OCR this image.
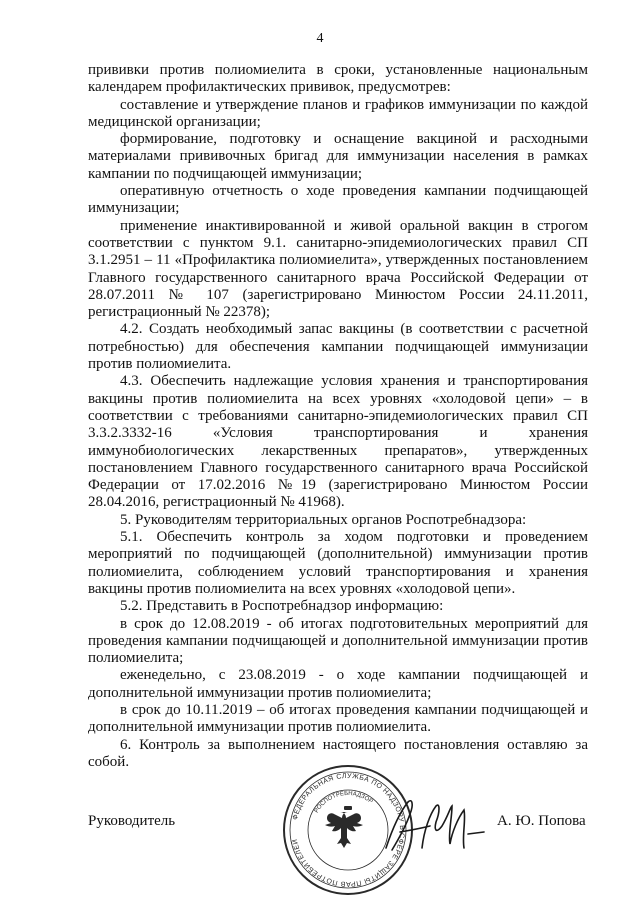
4

прививки против полиомиелита в сроки, установленные национальным календарем профилактических прививок, предусмотрев:

составление и утверждение планов и графиков иммунизации по каждой медицинской организации;

формирование, подготовку и оснащение вакциной и расходными материалами прививочных бригад для иммунизации населения в рамках кампании по подчищающей иммунизации;

оперативную отчетность о ходе проведения кампании подчищающей иммунизации;

применение инактивированной и живой оральной вакцин в строгом соответствии с пунктом 9.1. санитарно-эпидемиологических правил СП 3.1.2951 – 11 «Профилактика полиомиелита», утвержденных постановлением Главного государственного санитарного врача Российской Федерации от 28.07.2011 № 107 (зарегистрировано Минюстом России 24.11.2011, регистрационный № 22378);

4.2. Создать необходимый запас вакцины (в соответствии с расчетной потребностью) для обеспечения кампании подчищающей иммунизации против полиомиелита.

4.3. Обеспечить надлежащие условия хранения и транспортирования вакцины против полиомиелита на всех уровнях «холодовой цепи» – в соответствии с требованиями санитарно-эпидемиологических правил СП 3.3.2.3332-16 «Условия транспортирования и хранения иммунобиологических лекарственных препаратов», утвержденных постановлением Главного государственного санитарного врача Российской Федерации от 17.02.2016 №19 (зарегистрировано Минюстом России 28.04.2016, регистрационный № 41968).

5. Руководителям территориальных органов Роспотребнадзора:

5.1. Обеспечить контроль за ходом подготовки и проведением мероприятий по подчищающей (дополнительной) иммунизации против полиомиелита, соблюдением условий транспортирования и хранения вакцины против полиомиелита на всех уровнях «холодовой цепи».

5.2. Представить в Роспотребнадзор информацию:

в срок до 12.08.2019 - об итогах подготовительных мероприятий для проведения кампании подчищающей и дополнительной иммунизации против полиомиелита;

еженедельно, с 23.08.2019 - о ходе кампании подчищающей и дополнительной иммунизации против полиомиелита;

в срок до 10.11.2019 – об итогах проведения кампании подчищающей и дополнительной иммунизации против полиомиелита.

6. Контроль за выполнением настоящего постановления оставляю за собой.

ФЕДЕРАЛЬНАЯ СЛУЖБА ПО НАДЗОРУ В СФЕРЕ ЗАЩИТЫ ПРАВ ПОТРЕБИТЕЛЕЙ
РОСПОТРЕБНАДЗОР
Руководитель	А. Ю. Попова
